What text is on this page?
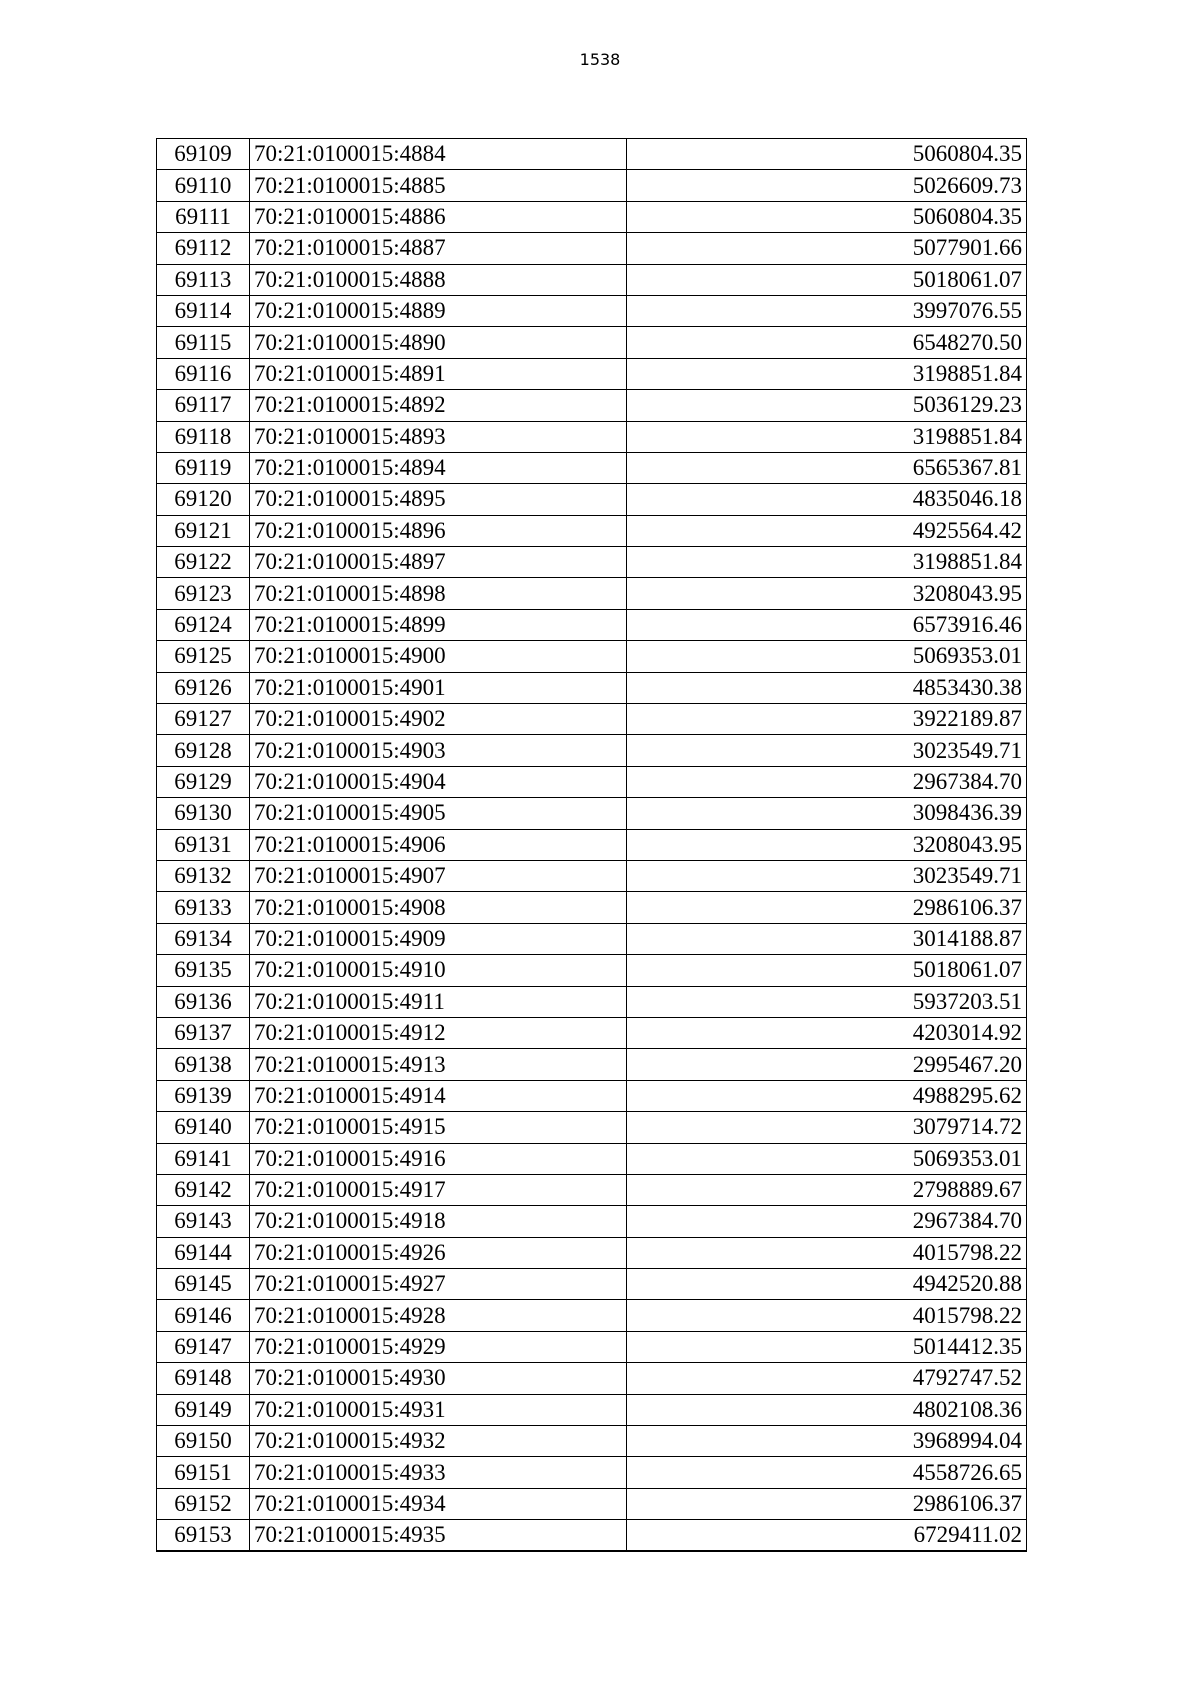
1538
69109	70:21:0100015:4884	5060804.35
69110	70:21:0100015:4885	5026609.73
69111	70:21:0100015:4886	5060804.35
69112	70:21:0100015:4887	5077901.66
69113	70:21:0100015:4888	5018061.07
69114	70:21:0100015:4889	3997076.55
69115	70:21:0100015:4890	6548270.50
69116	70:21:0100015:4891	3198851.84
69117	70:21:0100015:4892	5036129.23
69118	70:21:0100015:4893	3198851.84
69119	70:21:0100015:4894	6565367.81
69120	70:21:0100015:4895	4835046.18
69121	70:21:0100015:4896	4925564.42
69122	70:21:0100015:4897	3198851.84
69123	70:21:0100015:4898	3208043.95
69124	70:21:0100015:4899	6573916.46
69125	70:21:0100015:4900	5069353.01
69126	70:21:0100015:4901	4853430.38
69127	70:21:0100015:4902	3922189.87
69128	70:21:0100015:4903	3023549.71
69129	70:21:0100015:4904	2967384.70
69130	70:21:0100015:4905	3098436.39
69131	70:21:0100015:4906	3208043.95
69132	70:21:0100015:4907	3023549.71
69133	70:21:0100015:4908	2986106.37
69134	70:21:0100015:4909	3014188.87
69135	70:21:0100015:4910	5018061.07
69136	70:21:0100015:4911	5937203.51
69137	70:21:0100015:4912	4203014.92
69138	70:21:0100015:4913	2995467.20
69139	70:21:0100015:4914	4988295.62
69140	70:21:0100015:4915	3079714.72
69141	70:21:0100015:4916	5069353.01
69142	70:21:0100015:4917	2798889.67
69143	70:21:0100015:4918	2967384.70
69144	70:21:0100015:4926	4015798.22
69145	70:21:0100015:4927	4942520.88
69146	70:21:0100015:4928	4015798.22
69147	70:21:0100015:4929	5014412.35
69148	70:21:0100015:4930	4792747.52
69149	70:21:0100015:4931	4802108.36
69150	70:21:0100015:4932	3968994.04
69151	70:21:0100015:4933	4558726.65
69152	70:21:0100015:4934	2986106.37
69153	70:21:0100015:4935	6729411.02
